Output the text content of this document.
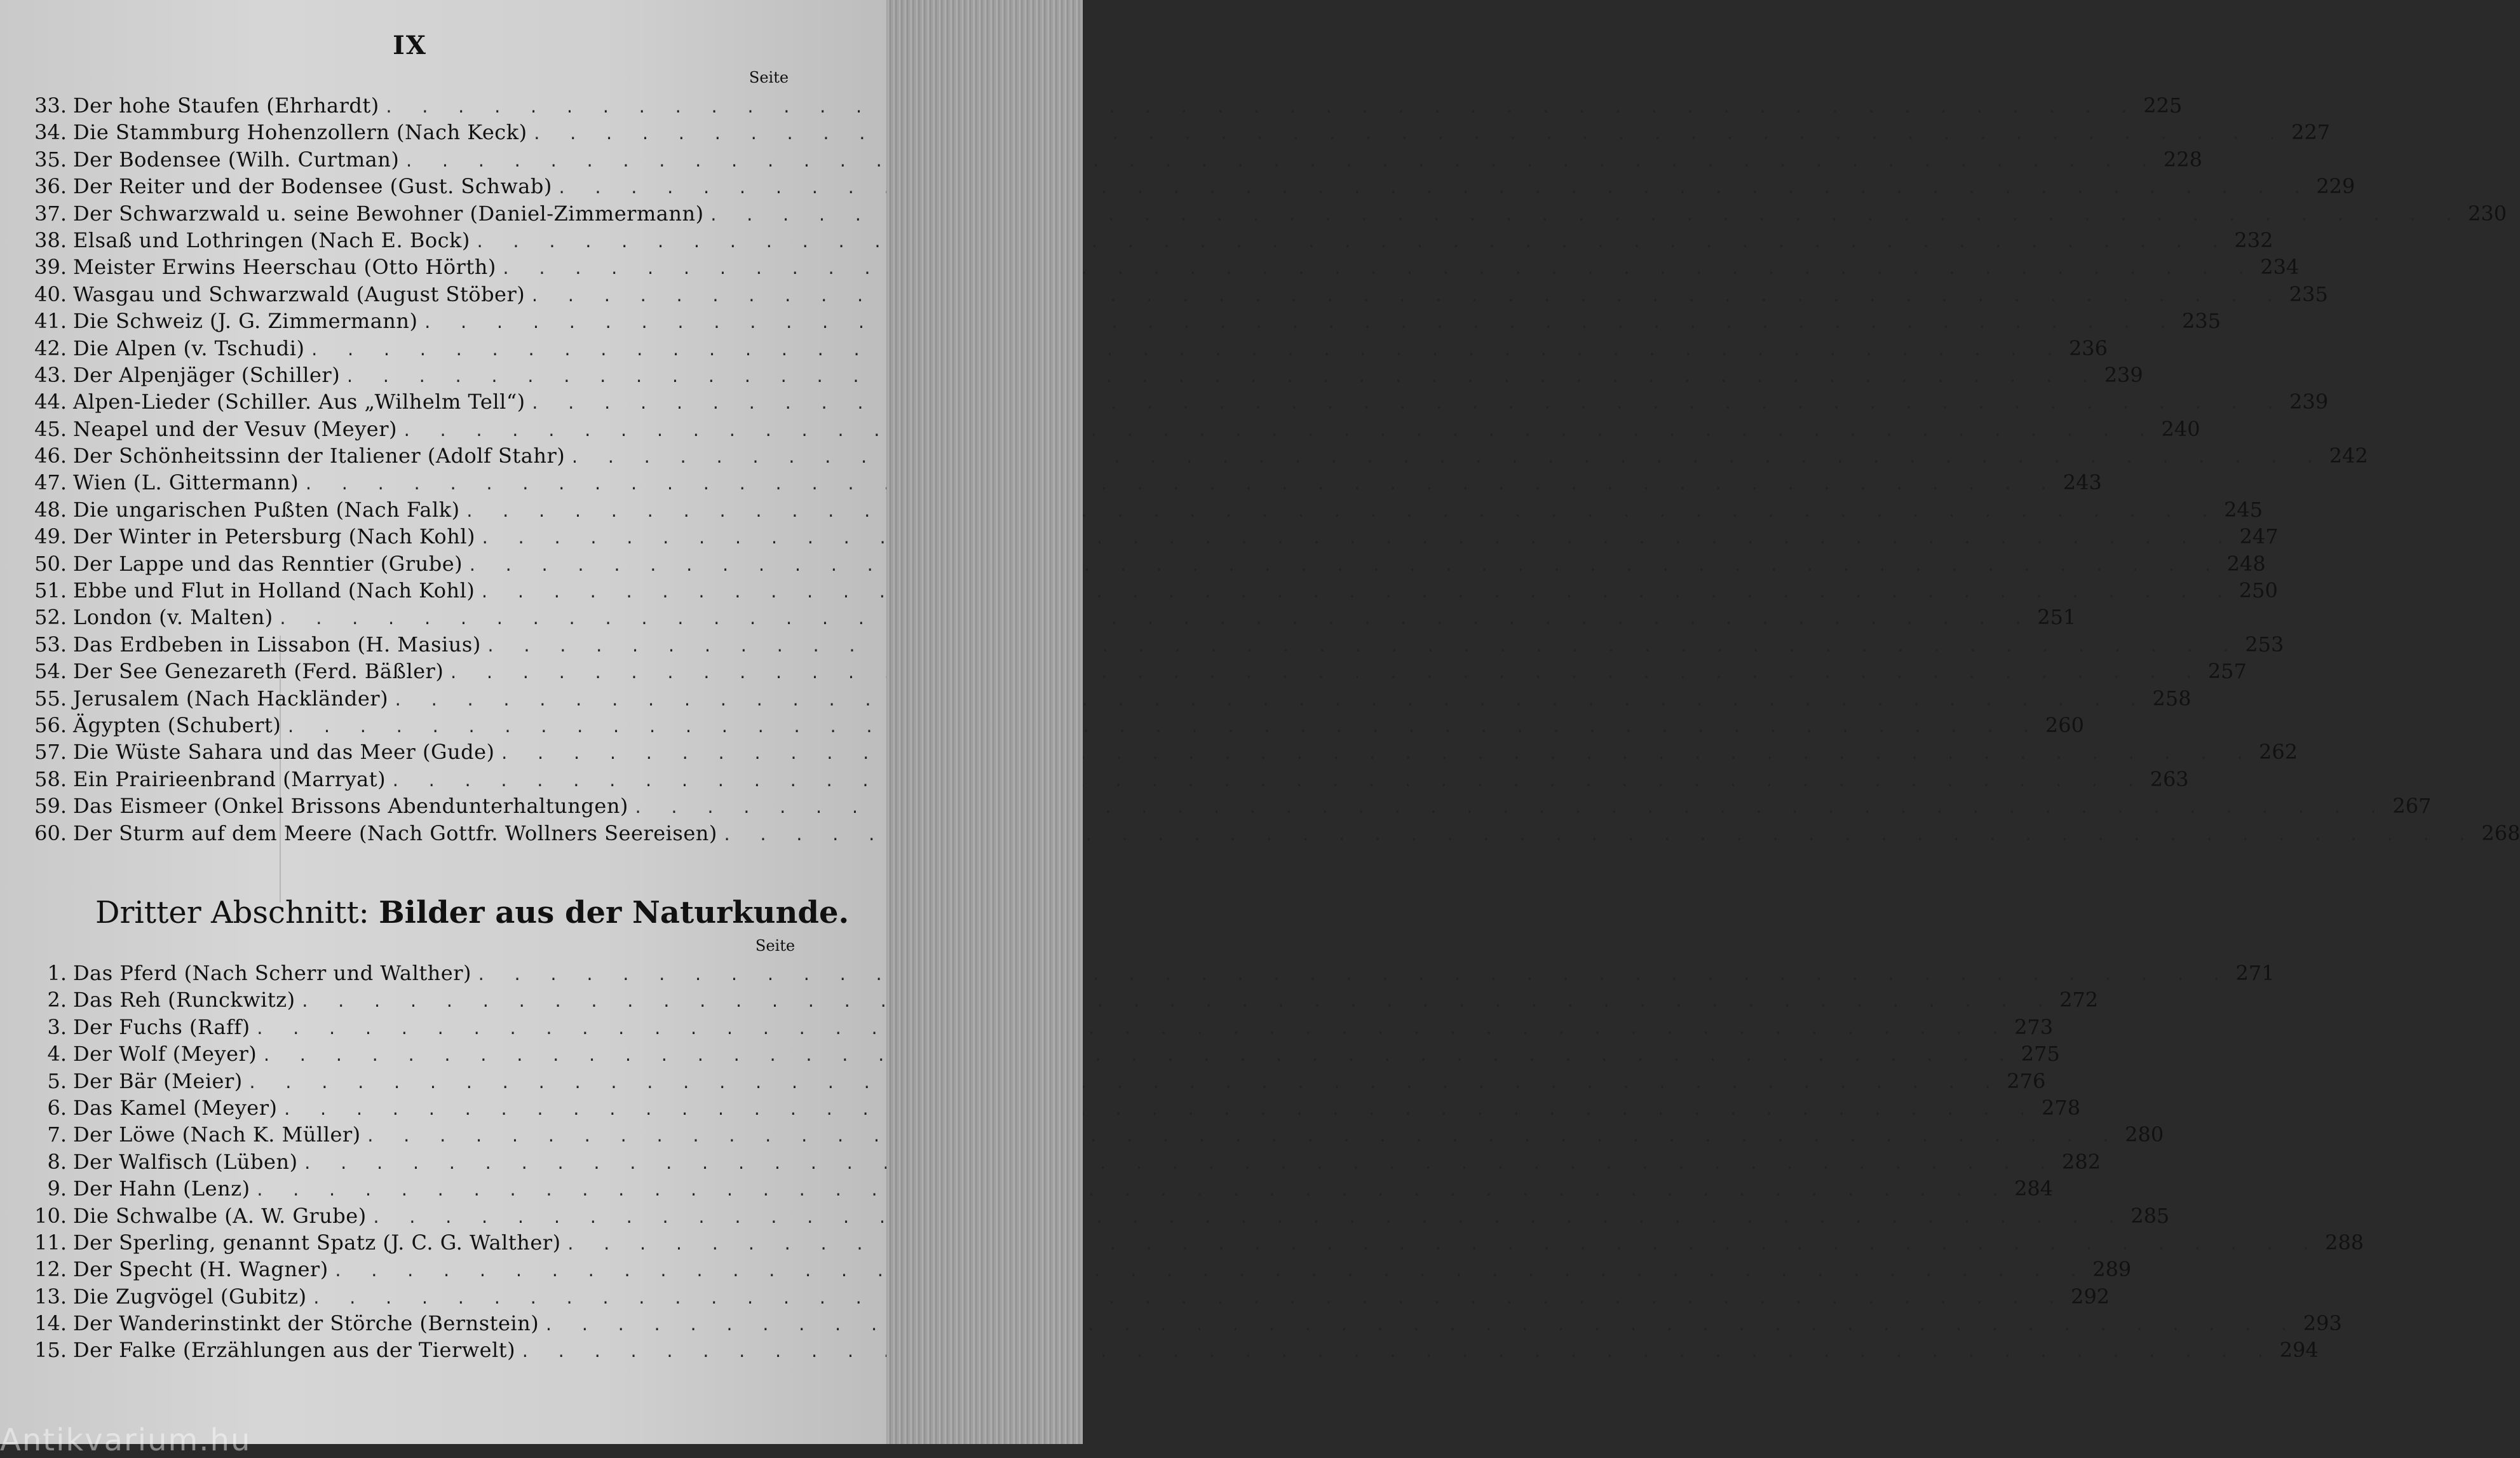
IX
Seite
33. Der hohe Staufen (Ehrhardt) . . .	225
34. Die Stammburg Hohenzollern (Nach Keck) . . .	227
35. Der Bodensee (Wilh. Curtman) . . .	228
36. Der Reiter und der Bodensee (Gust. Schwab) . . .	229
37. Der Schwarzwald u. seine Bewohner (Daniel-Zimmermann) . . .	230
38. Elsaß und Lothringen (Nach E. Bock) . . .	232
39. Meister Erwins Heerschau (Otto Hörth) . . .	234
40. Wasgau und Schwarzwald (August Stöber) . . .	235
41. Die Schweiz (J. G. Zimmermann) . . .	235
42. Die Alpen (v. Tschudi) . . .	236
43. Der Alpenjäger (Schiller) . . .	239
44. Alpen-Lieder (Schiller. Aus „Wilhelm Tell“) . . .	239
45. Neapel und der Vesuv (Meyer) . . .	240
46. Der Schönheitssinn der Italiener (Adolf Stahr) . . .	242
47. Wien (L. Gittermann) . . .	243
48. Die ungarischen Pußten (Nach Falk) . . .	245
49. Der Winter in Petersburg (Nach Kohl) . . .	247
50. Der Lappe und das Renntier (Grube) . . .	248
51. Ebbe und Flut in Holland (Nach Kohl) . . .	250
52. London (v. Malten) . . .	251
53. Das Erdbeben in Lissabon (H. Masius) . . .	253
54. Der See Genezareth (Ferd. Bäßler) . . .	257
55. Jerusalem (Nach Hackländer) . . .	258
56. Ägypten (Schubert) . . .	260
57. Die Wüste Sahara und das Meer (Gude) . . .	262
58. Ein Prairieenbrand (Marryat) . . .	263
59. Das Eismeer (Onkel Brissons Abendunterhaltungen) . . .	267
60. Der Sturm auf dem Meere (Nach Gottfr. Wollners Seereisen) . . .	268
Dritter Abschnitt: Bilder aus der Naturkunde.
Seite
1. Das Pferd (Nach Scherr und Walther) . . .	271
2. Das Reh (Runckwitz) . . .	272
3. Der Fuchs (Raff) . . .	273
4. Der Wolf (Meyer) . . .	275
5. Der Bär (Meier) . . .	276
6. Das Kamel (Meyer) . . .	278
7. Der Löwe (Nach K. Müller) . . .	280
8. Der Walfisch (Lüben) . . .	282
9. Der Hahn (Lenz) . . .	284
10. Die Schwalbe (A. W. Grube) . . .	285
11. Der Sperling, genannt Spatz (J. C. G. Walther) . . .	288
12. Der Specht (H. Wagner) . . .	289
13. Die Zugvögel (Gubitz) . . .	292
14. Der Wanderinstinkt der Störche (Bernstein) . . .	293
15. Der Falke (Erzählungen aus der Tierwelt) . . .	294
Antikvarium.hu
